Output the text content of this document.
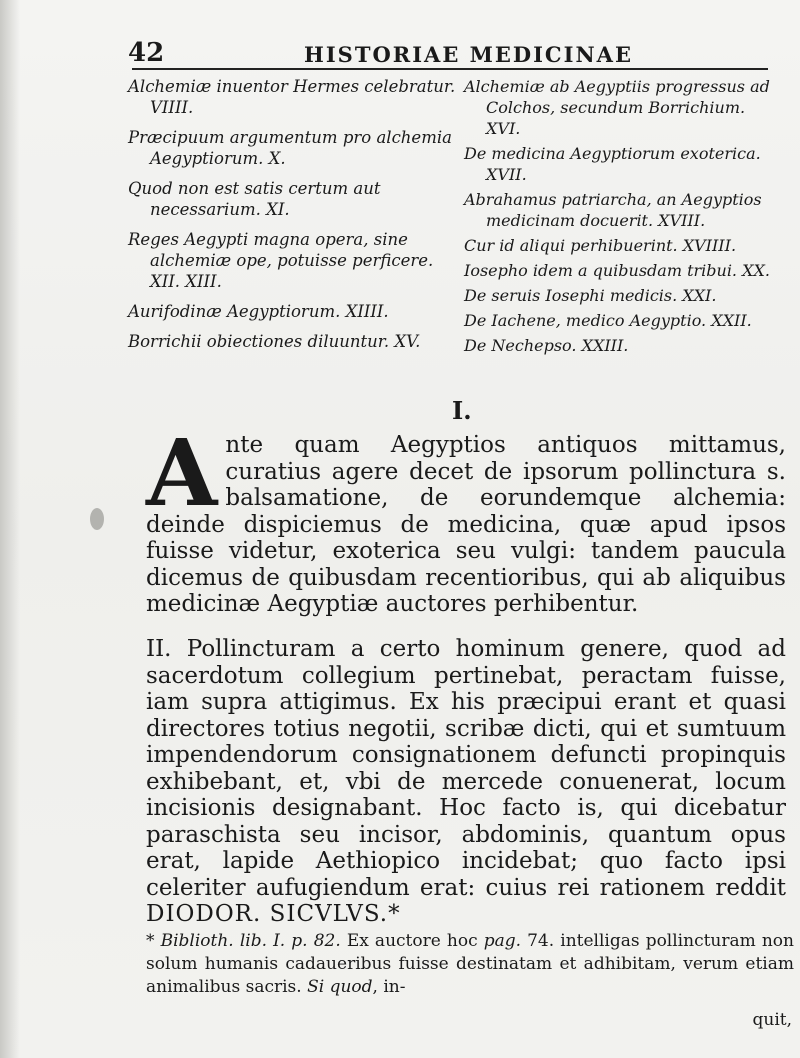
42	HISTORIAE MEDICINAE
Alchemiæ inuentor Hermes celebratur. VIIII.
Præcipuum argumentum pro alchemia Aegyptiorum. X.
Quod non est satis certum aut necessarium. XI.
Reges Aegypti magna opera, sine alchemiæ ope, potuisse perficere. XII. XIII.
Aurifodinæ Aegyptiorum. XIIII.
Borrichii obiectiones diluuntur. XV.
Alchemiæ ab Aegyptiis progressus ad Colchos, secundum Borrichium. XVI.
De medicina Aegyptiorum exoterica. XVII.
Abrahamus patriarcha, an Aegyptios medicinam docuerit. XVIII.
Cur id aliqui perhibuerint. XVIIII.
Iosepho idem a quibusdam tribui. XX.
De seruis Iosephi medicis. XXI.
De Iachene, medico Aegyptio. XXII.
De Nechepso. XXIII.
I.
Ante quam Aegyptios antiquos mittamus, curatius agere decet de ipsorum pollinctura s. balsamatione, de eorundemque alchemia: deinde dispiciemus de medicina, quæ apud ipsos fuisse videtur, exoterica seu vulgi: tandem paucula dicemus de quibusdam recentioribus, qui ab aliquibus medicinæ Aegyptiæ auctores perhibentur.
II. Pollincturam a certo hominum genere, quod ad sacerdotum collegium pertinebat, peractam fuisse, iam supra attigimus. Ex his præcipui erant et quasi directores totius negotii, scribæ dicti, qui et sumtuum impendendorum consignationem defuncti propinquis exhibebant, et, vbi de mercede conuenerat, locum incisionis designabant. Hoc facto is, qui dicebatur paraschista seu incisor, abdominis, quantum opus erat, lapide Aethiopico incidebat; quo facto ipsi celeriter aufugiendum erat: cuius rei rationem reddit DIODOR. SICVLVS.*
* Biblioth. lib. I. p. 82. Ex auctore hoc pag. 74. intelligas pollincturam non solum humanis cadaueribus fuisse destinatam et adhibitam, verum etiam animalibus sacris. Si quod, in-
quit,
